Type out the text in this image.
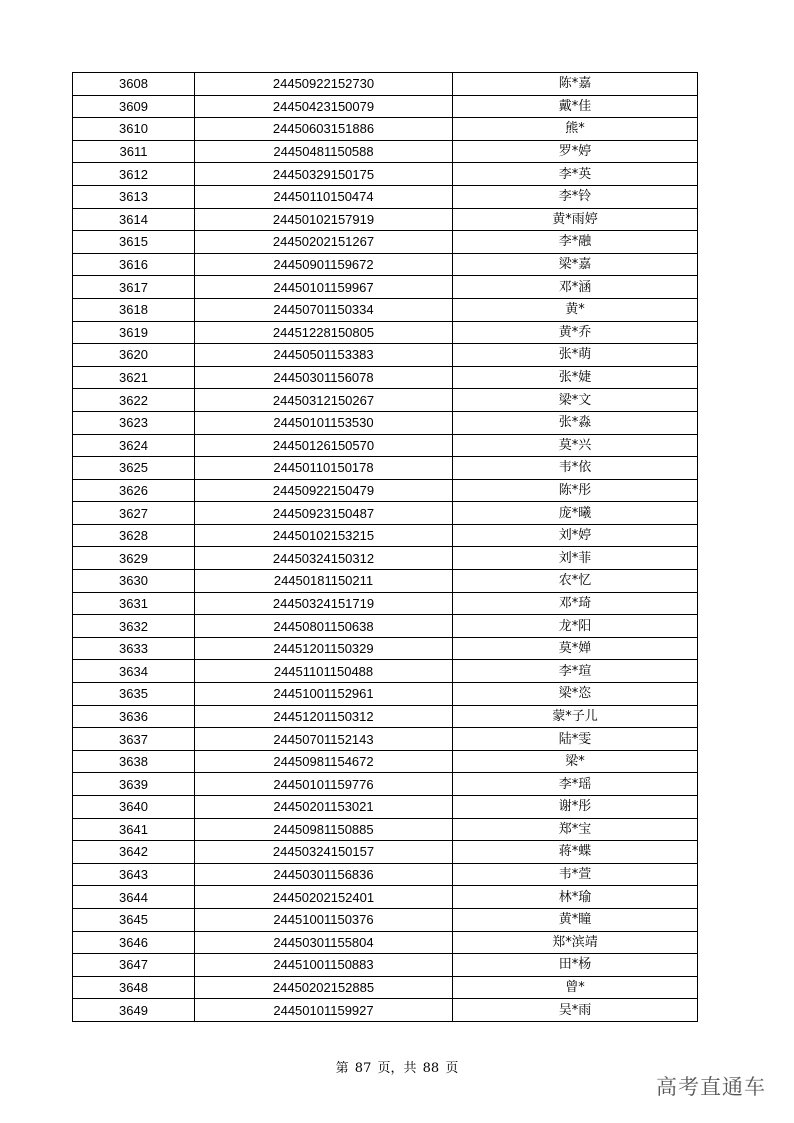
3608	24450922152730	陈*嘉
3609	24450423150079	戴*佳
3610	24450603151886	熊*
3611	24450481150588	罗*婷
3612	24450329150175	李*英
3613	24450110150474	李*铃
3614	24450102157919	黄*雨婷
3615	24450202151267	李*融
3616	24450901159672	梁*嘉
3617	24450101159967	邓*涵
3618	24450701150334	黄*
3619	24451228150805	黄*乔
3620	24450501153383	张*萌
3621	24450301156078	张*婕
3622	24450312150267	梁*文
3623	24450101153530	张*淼
3624	24450126150570	莫*兴
3625	24450110150178	韦*依
3626	24450922150479	陈*彤
3627	24450923150487	庞*曦
3628	24450102153215	刘*婷
3629	24450324150312	刘*菲
3630	24450181150211	农*忆
3631	24450324151719	邓*琦
3632	24450801150638	龙*阳
3633	24451201150329	莫*婵
3634	24451101150488	李*瑄
3635	24451001152961	梁*恣
3636	24451201150312	蒙*子儿
3637	24450701152143	陆*雯
3638	24450981154672	梁*
3639	24450101159776	李*瑶
3640	24450201153021	谢*彤
3641	24450981150885	郑*宝
3642	24450324150157	蒋*蝶
3643	24450301156836	韦*萱
3644	24450202152401	林*瑜
3645	24451001150376	黄*瞳
3646	24450301155804	郑*滨靖
3647	24451001150883	田*杨
3648	24450202152885	曾*
3649	24450101159927	吴*雨
第 87 页，共 88 页
高考直通车
